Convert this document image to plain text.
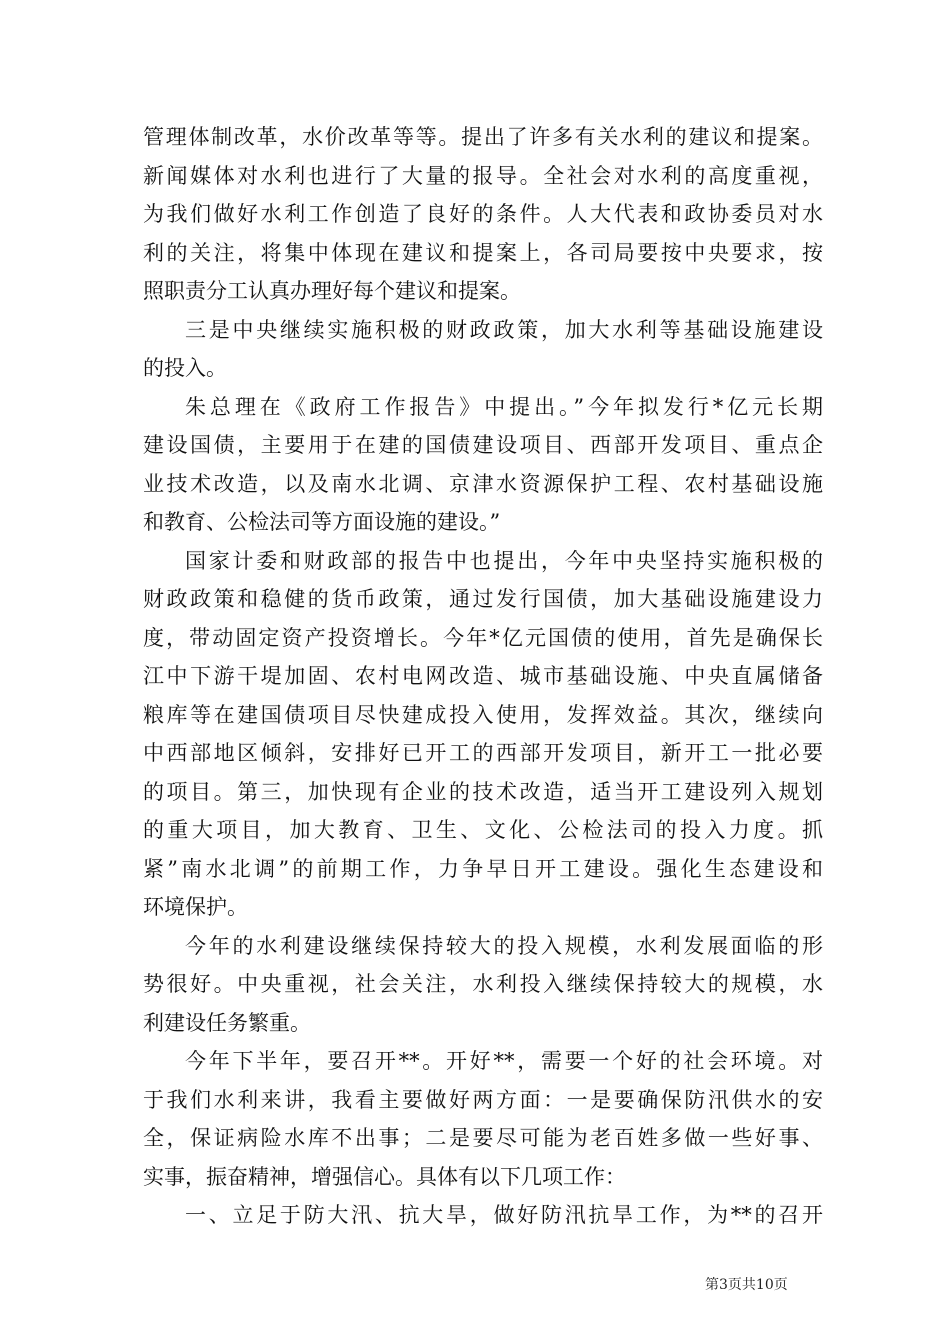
管理体制改革，水价改革等等。提出了许多有关水利的建议和提案。
新闻媒体对水利也进行了大量的报导。全社会对水利的高度重视，
为我们做好水利工作创造了良好的条件。人大代表和政协委员对水
利的关注，将集中体现在建议和提案上，各司局要按中央要求，按
照职责分工认真办理好每个建议和提案。
三是中央继续实施积极的财政政策，加大水利等基础设施建设
的投入。
朱总理在《政府工作报告》中提出。”今年拟发行*亿元长期
建设国债，主要用于在建的国债建设项目、西部开发项目、重点企
业技术改造，以及南水北调、京津水资源保护工程、农村基础设施
和教育、公检法司等方面设施的建设。”
国家计委和财政部的报告中也提出，今年中央坚持实施积极的
财政政策和稳健的货币政策，通过发行国债，加大基础设施建设力
度，带动固定资产投资增长。今年*亿元国债的使用，首先是确保长
江中下游干堤加固、农村电网改造、城市基础设施、中央直属储备
粮库等在建国债项目尽快建成投入使用，发挥效益。其次，继续向
中西部地区倾斜，安排好已开工的西部开发项目，新开工一批必要
的项目。第三，加快现有企业的技术改造，适当开工建设列入规划
的重大项目，加大教育、卫生、文化、公检法司的投入力度。抓
紧”南水北调”的前期工作，力争早日开工建设。强化生态建设和
环境保护。
今年的水利建设继续保持较大的投入规模，水利发展面临的形
势很好。中央重视，社会关注，水利投入继续保持较大的规模，水
利建设任务繁重。
今年下半年，要召开**。开好**，需要一个好的社会环境。对
于我们水利来讲，我看主要做好两方面：一是要确保防汛供水的安
全，保证病险水库不出事；二是要尽可能为老百姓多做一些好事、
实事，振奋精神，增强信心。具体有以下几项工作：
一、立足于防大汛、抗大旱，做好防汛抗旱工作，为**的召开
第3页共10页
